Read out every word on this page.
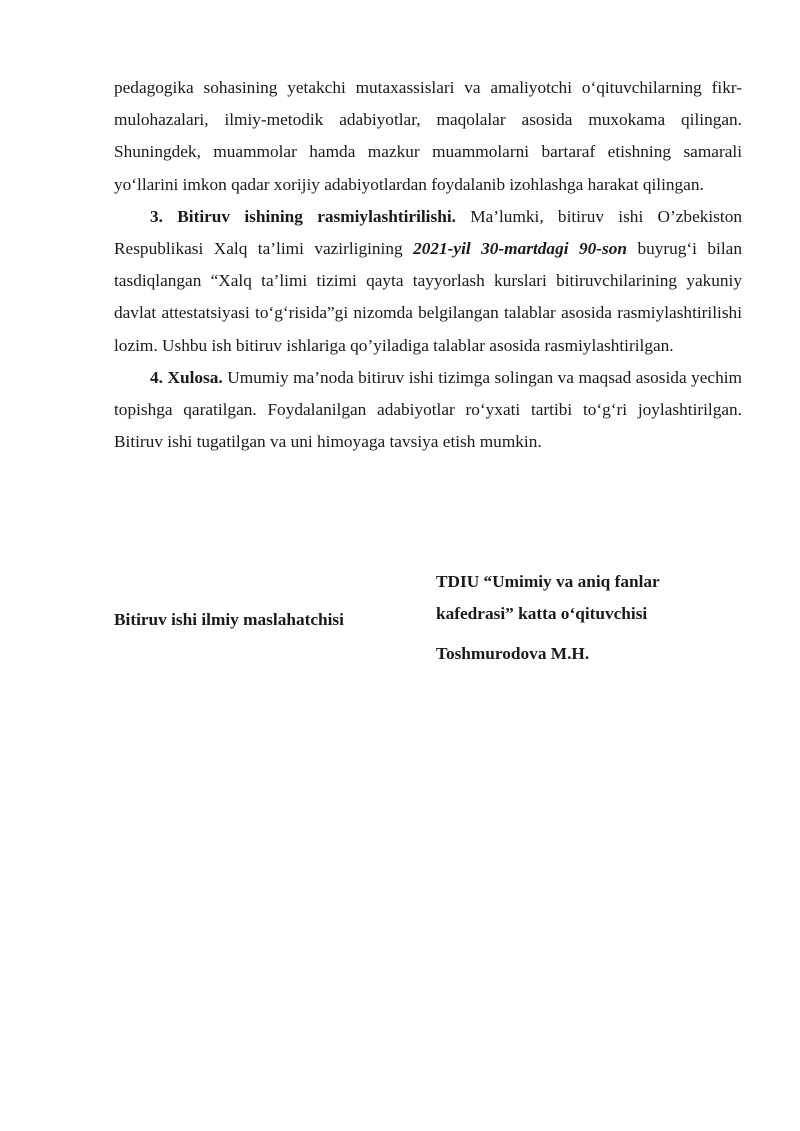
pedagogika sohasining yetakchi mutaxassislari va amaliyotchi o‘qituvchilarning fikr-mulohazalari, ilmiy-metodik adabiyotlar, maqolalar asosida muxokama qilingan. Shuningdek, muammolar hamda mazkur muammolarni bartaraf etishning samarali yo‘llarini imkon qadar xorijiy adabiyotlardan foydalanib izohlashga harakat qilingan.

3. Bitiruv ishining rasmiylashtirilishi. Ma’lumki, bitiruv ishi O’zbekiston Respublikasi Xalq ta’limi vazirligining 2021-yil 30-martdagi 90-son buyrug‘i bilan tasdiqlangan “Xalq ta’limi tizimi qayta tayyorlash kurslari bitiruvchilarining yakuniy davlat attestatsiyasi to‘g‘risida”gi nizomda belgilangan talablar asosida rasmiylashtirilishi lozim. Ushbu ish bitiruv ishlariga qo’yiladiga talablar asosida rasmiylashtirilgan.

4. Xulosa. Umumiy ma’noda bitiruv ishi tizimga solingan va maqsad asosida yechim topishga qaratilgan. Foydalanilgan adabiyotlar ro‘yxati tartibi to‘g‘ri joylashtirilgan. Bitiruv ishi tugatilgan va uni himoyaga tavsiya etish mumkin.

Bitiruv ishi ilmiy maslahatchisi
TDIU “Umimiy va aniq fanlar
kafedrasi” katta o‘qituvchisi
Toshmurodova M.H.
